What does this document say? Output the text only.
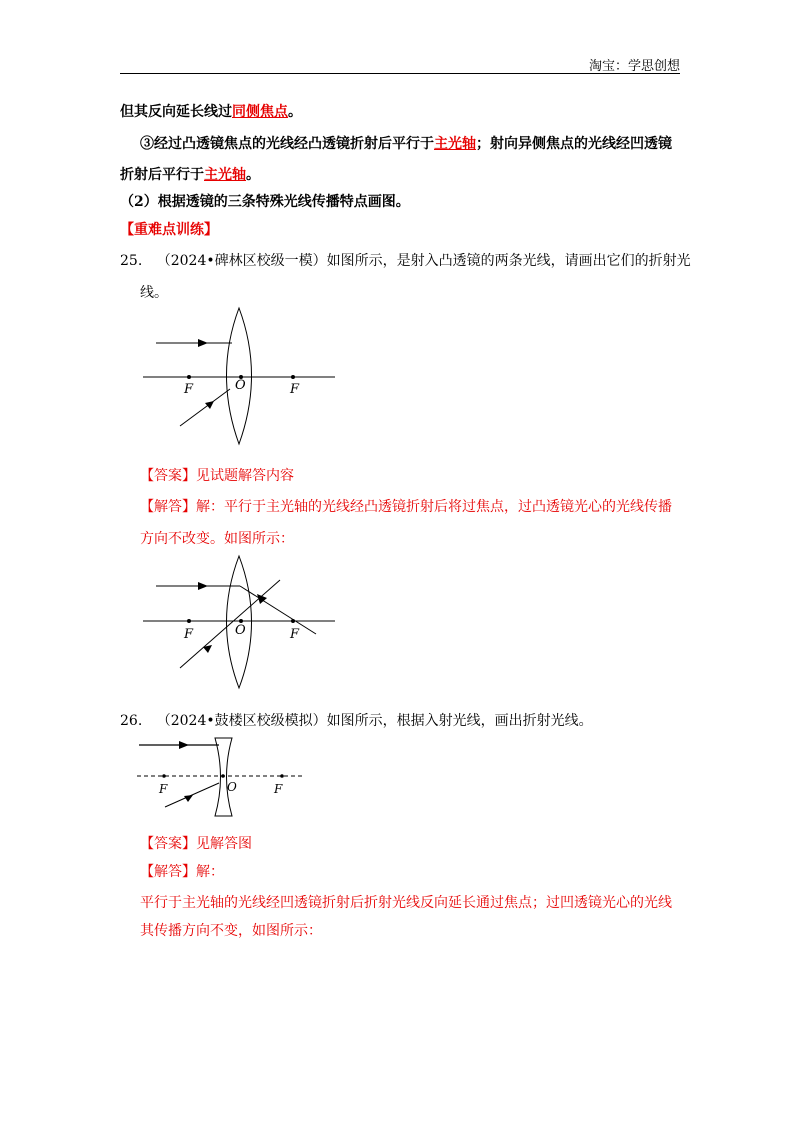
淘宝：学思创想
但其反向延长线过同侧焦点。
③经过凸透镜焦点的光线经凸透镜折射后平行于主光轴；射向异侧焦点的光线经凹透镜
折射后平行于主光轴。
（2）根据透镜的三条特殊光线传播特点画图。
【重难点训练】
25. （2024•碑林区校级一模）如图所示，是射入凸透镜的两条光线，请画出它们的折射光
线。
F	O	F
【答案】见试题解答内容
【解答】解：平行于主光轴的光线经凸透镜折射后将过焦点，过凸透镜光心的光线传播
方向不改变。如图所示：
F	O	F
26. （2024•鼓楼区校级模拟）如图所示，根据入射光线，画出折射光线。
F	O	F
【答案】见解答图
【解答】解：
平行于主光轴的光线经凹透镜折射后折射光线反向延长通过焦点；过凹透镜光心的光线
其传播方向不变，如图所示：
